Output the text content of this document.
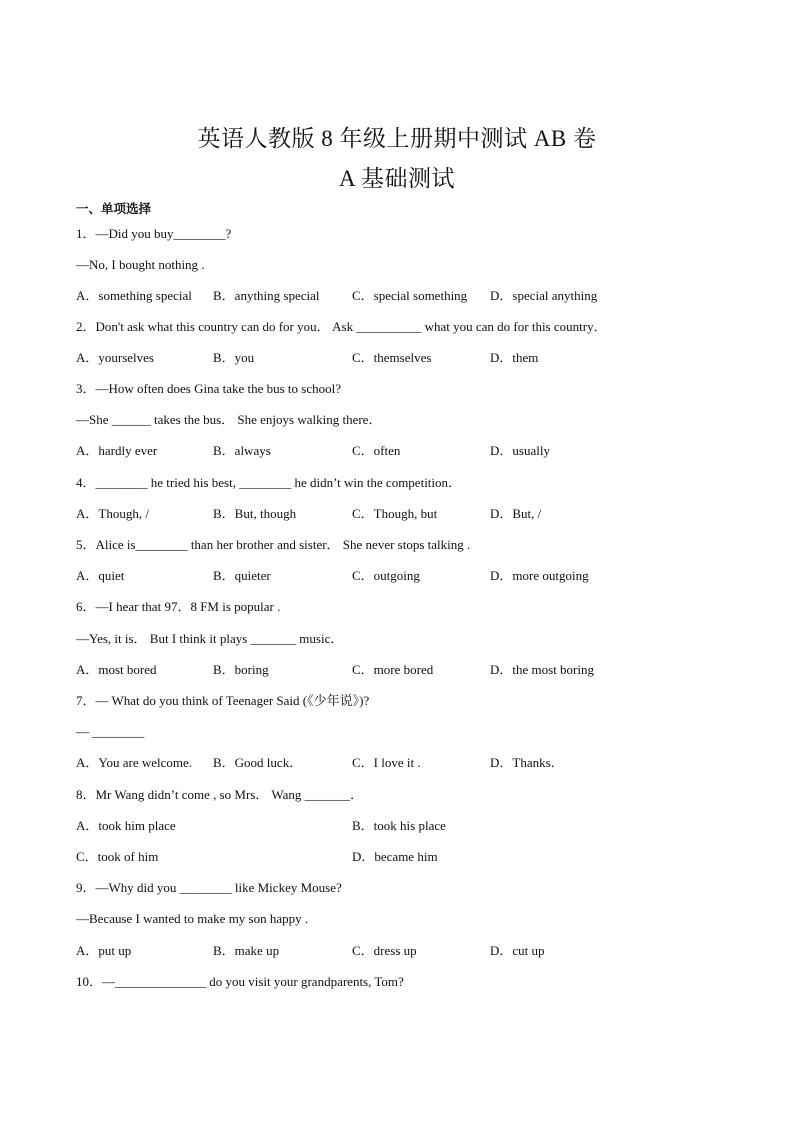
英语人教版 8 年级上册期中测试 AB 卷
A 基础测试
一、单项选择
1．—Did you buy________?
—No, I bought nothing .
A．something special B．anything special C．special something D．special anything
2．Don't ask what this country can do for you． Ask __________ what you can do for this country．
A．yourselves	B．you	C．themselves	D．them
3．—How often does Gina take the bus to school?
—She ______ takes the bus． She enjoys walking there．
A．hardly ever	B．always	C．often	D．usually
4．________ he tried his best, ________ he didn’t win the competition．
A．Though, /	B．But, though	C．Though, but	D．But, /
5．Alice is________ than her brother and sister． She never stops talking .
A．quiet	B．quieter	C．outgoing	D．more outgoing
6．—I hear that 97．8 FM is popular .
—Yes, it is． But I think it plays _______ music．
A．most bored	B．boring	C．more bored	D．the most boring
7．— What do you think of Teenager Said (《少年说》)?
— ________
A．You are welcome. B．Good luck．	C．I love it .	D．Thanks．
8．Mr Wang didn’t come , so Mrs． Wang _______．
A．took him place	B．took his place
C．took of him	D．became him
9．—Why did you ________ like Mickey Mouse?
—Because I wanted to make my son happy .
A．put up	B．make up	C．dress up	D．cut up
10．—______________ do you visit your grandparents, Tom?
